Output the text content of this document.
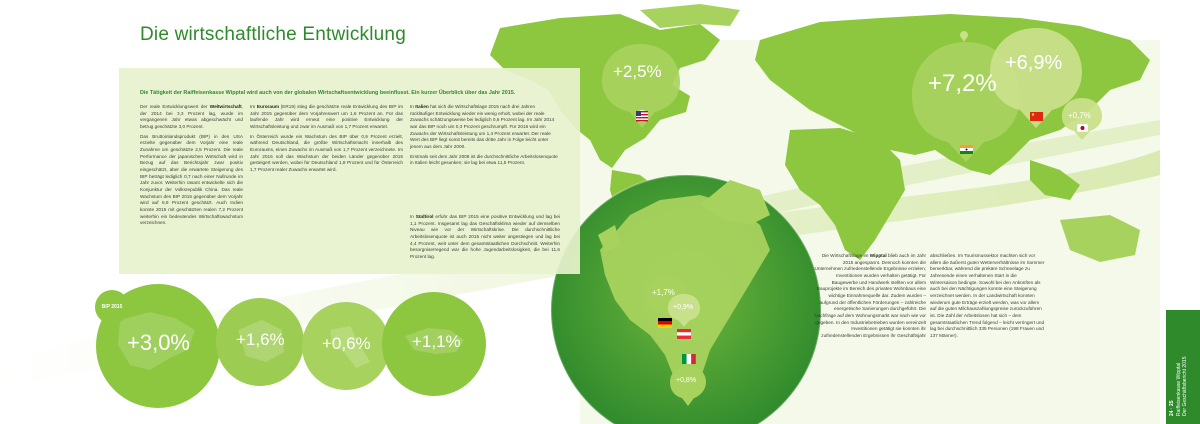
Die wirtschaftliche Entwicklung
Die Tätigkeit der Raiffeisenkasse Wipptal wird auch von der globalen Wirtschaftsentwicklung beeinflusst. Ein kurzer Überblick über das Jahr 2015.

Der reale Entwicklungswert der Weltwirtschaft, der 2014 bei 3,3 Prozent lag, wurde im vergangenen Jahr etwas abgeschwächt und betrug geschätzte 3,0 Prozent.

Das Bruttoinlandsprodukt (BIP) in den USA erzielte gegenüber dem Vorjahr eine reale Zunahme um geschätzte 2,5 Prozent. Die reale Performance der japanischen Wirtschaft wird in Bezug auf das Berichtsjahr zwar positiv eingeschätzt, aber die erwartete Steigerung des BIP beträgt lediglich 0,7 nach einer Nullrunde im Jahr zuvor. Weiterhin rasant entwickelte sich die Konjunktur der Volksrepublik China. Das reale Wachstum des BIP 2015 gegenüber dem Vorjahr wird auf 6,9 Prozent geschätzt. Auch Indien konnte 2015 mit geschätzten realen 7,2 Prozent weiterhin ein bedeutendes Wirtschaftswachstum verzeichnen.

Im Euroraum (ER19) stieg die geschätzte reale Entwicklung des BIP im Jahr 2015 gegenüber dem Vorjahreswert um 1,6 Prozent an. Für das laufende Jahr wird erneut eine positive Entwicklung der Wirtschaftsleistung und zwar im Ausmaß von 1,7 Prozent erwartet.

In Österreich wurde ein Wachstum des BIP über 0,9 Prozent erzielt, während Deutschland, die größte Wirtschaftsmacht innerhalb des Euroraums, einen Zuwachs im Ausmaß von 1,7 Prozent verzeichnete. Im Jahr 2016 soll das Wachstum der beiden Länder gegenüber 2015 gesteigert werden, wobei für Deutschland 1,8 Prozent und für Österreich 1,7 Prozent realer Zuwachs erwartet wird.

In Italien hat sich die Wirtschaftslage 2015 nach drei Jahren rückläufiger Entwicklung wieder ein wenig erholt, wobei der reale Zuwachs schätzungsweise bei lediglich 0,6 Prozent lag. Im Jahr 2014 war das BIP noch um 0,3 Prozent geschrumpft. Für 2016 wird ein Zuwachs der Wirtschaftsleistung um 1,4 Prozent erwartet. Der reale Wert des BIP liegt somit bereits das dritte Jahr in Folge leicht unter jenem aus dem Jahr 2000.

Erstmals seit dem Jahr 2008 ist die durchschnittliche Arbeitslosenquote in Italien leicht gesunken; sie lag bei etwa 11,5 Prozent.

In Südtirol erfuhr das BIP 2015 eine positive Entwicklung und lag bei 1,1 Prozent. Insgesamt lag das Geschäftsklima wieder auf demselben Niveau wie vor der Wirtschaftskrise. Die durchschnittliche Arbeitslosenquote ist auch 2015 nicht weiter angestiegen und lag bei 4,4 Prozent, weit unter dem gesamtstaatlichen Durchschnitt. Weiterhin besorgniserregend war die hohe Jugendarbeitslosigkeit, die bei 11,6 Prozent lag.	Die Wirtschaftslage im Wipptal blieb auch im Jahr 2015 angespannt. Dennoch konnten die Unternehmen zufriedenstellende Ergebnisse erzielen; Investitionen wurden verhalten getätigt. Für Baugewerbe und Handwerk stellten vor allem Bauprojekte im Bereich des privaten Wohnbaus eine wichtige Einnahmequelle dar. Zudem wurden – aufgrund der öffentlichen Förderungen – zahlreiche energetische Sanierungen durchgeführt. Die Nachfrage auf dem Wohnungsmarkt war nach wie vor gegeben. In den Industriebetrieben wurden vereinzelt Investitionen getätigt sie konnten ihr zufriedenstellenden Ergebnissen ihr Geschäftsjahr

abschließen. Im Tourismussektor machten sich vor allem die äußerst guten Wetterverhältnisse im Sommer bemerkbar, während die prekäre Schneelage zu Jahresende einen verhaltenen Start in die Wintersaison bedingte. Sowohl bei den Ankünften als auch bei den Nächtigungen konnte eine Steigerung verzeichnet werden. In der Landwirtschaft konnten wiederum gute Erträge erzielt werden, was vor allem auf die guten Milchauszahlungspreise zurückzuführen ist. Die Zahl der Arbeitslosen hat sich – dem gesamtstaatlichen Trend folgend – leicht verringert und lag bei durchschnittlich 335 Personen (198 Frauen und 137 Männer).

BIP 2015
+2,5%	+7,2%
+6,9%
+0,7%
+1,7%
+0,9%
+0,8%
BIP 2015
+3,0%	+1,6% +0,6% +1,1%
24 · 25
Raiffeisenkasse Wipptal
Der Geschäftsbericht 2015
